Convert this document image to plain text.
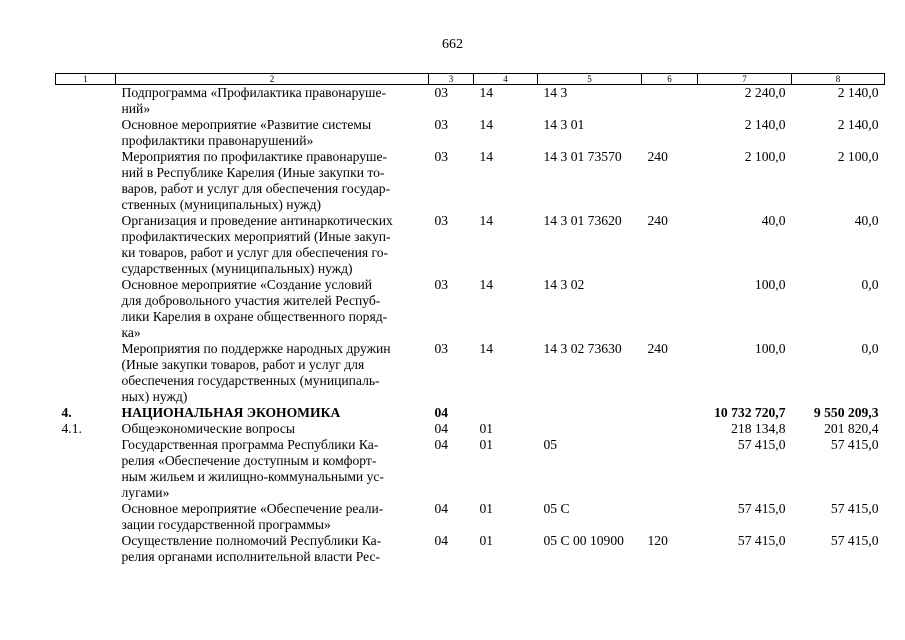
662
1	2	3	4	5	6	7	8
	Подпрограмма «Профилактика правонаруше-
ний»	03	14	14 3		2 240,0	2 140,0
	Основное мероприятие «Развитие системы
профилактики правонарушений»	03	14	14 3 01		2 140,0	2 140,0
	Мероприятия по профилактике правонаруше-
ний в Республике Карелия (Иные закупки то-
варов, работ и услуг для обеспечения государ-
ственных (муниципальных) нужд)	03	14	14 3 01 73570	240	2 100,0	2 100,0
	Организация и проведение антинаркотических
профилактических мероприятий (Иные закуп-
ки товаров, работ и услуг для обеспечения го-
сударственных (муниципальных) нужд)	03	14	14 3 01 73620	240	40,0	40,0
	Основное мероприятие «Создание условий
для добровольного участия жителей Респуб-
лики Карелия в охране общественного поряд-
ка»	03	14	14 3 02		100,0	0,0
	Мероприятия по поддержке народных дружин
(Иные закупки товаров, работ и услуг для
обеспечения государственных (муниципаль-
ных) нужд)	03	14	14 3 02 73630	240	100,0	0,0
4.	НАЦИОНАЛЬНАЯ ЭКОНОМИКА	04				10 732 720,7	9 550 209,3
4.1.	Общеэкономические вопросы	04	01			218 134,8	201 820,4
	Государственная программа Республики Ка-
релия «Обеспечение доступным и комфорт-
ным жильем и жилищно-коммунальными ус-
лугами»	04	01	05		57 415,0	57 415,0
	Основное мероприятие «Обеспечение реали-
зации государственной программы»	04	01	05 С		57 415,0	57 415,0
	Осуществление полномочий Республики Ка-
релия органами исполнительной власти Рес-	04	01	05 С 00 10900	120	57 415,0	57 415,0
